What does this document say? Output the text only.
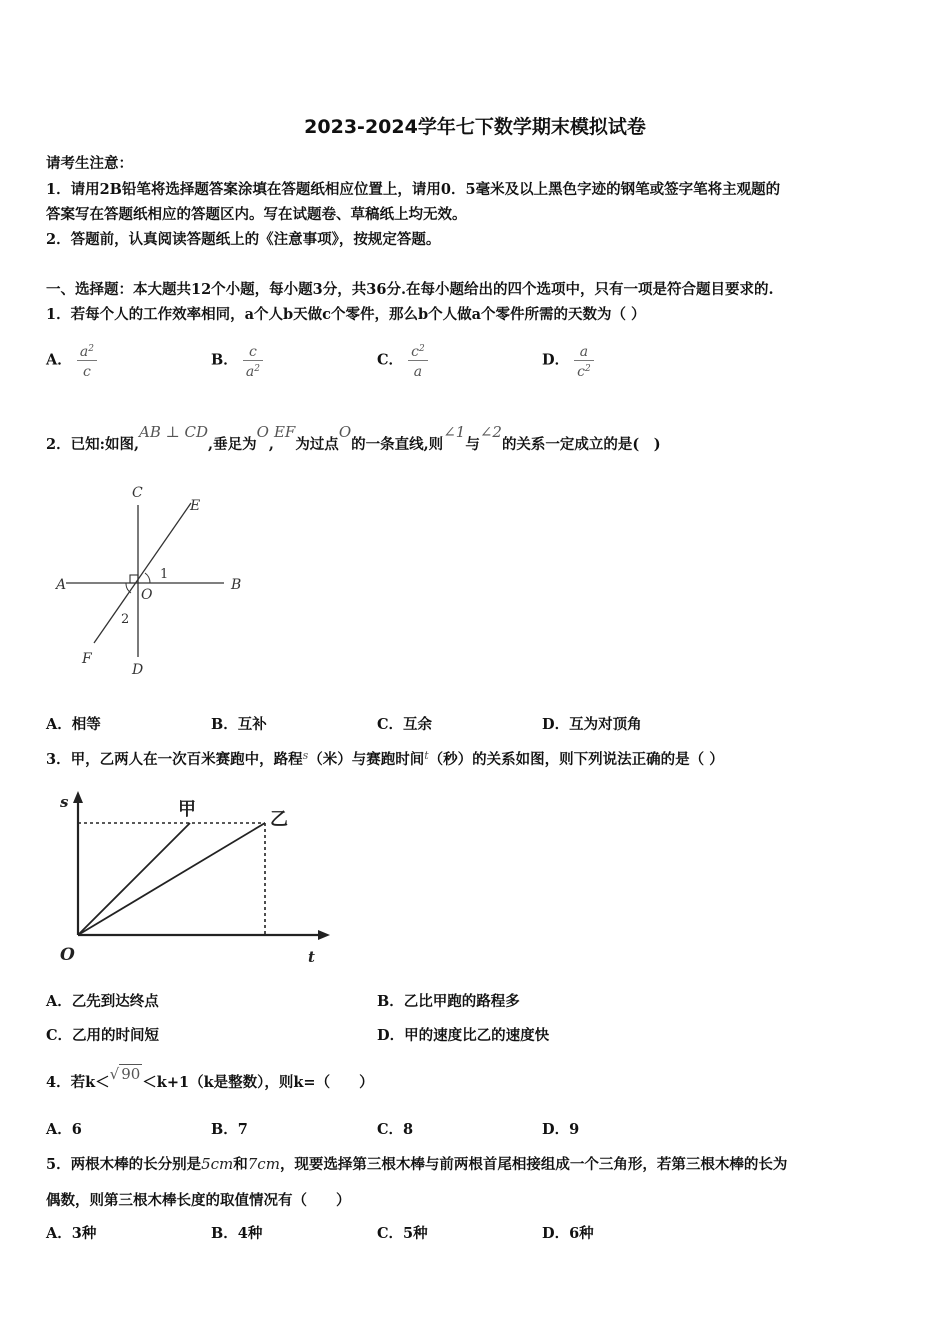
2023-2024学年七下数学期末模拟试卷
请考生注意：
1．请用2B铅笔将选择题答案涂填在答题纸相应位置上，请用0．5毫米及以上黑色字迹的钢笔或签字笔将主观题的
答案写在答题纸相应的答题区内。写在试题卷、草稿纸上均无效。
2．答题前，认真阅读答题纸上的《注意事项》，按规定答题。
一、选择题：本大题共12个小题，每小题3分，共36分.在每小题给出的四个选项中，只有一项是符合题目要求的.
1．若每个人的工作效率相同，a个人b天做c个零件，那么b个人做a个零件所需的天数为（ ）
A． $\frac{a^2}{c}$	B． $\frac{c}{a^2}$	C． $\frac{c^2}{a}$	D． $\frac{a}{c^2}$
2．已知:如图,AB ⊥ CD,垂足为O,EF为过点O的一条直线,则∠1与∠2的关系一定成立的是(　)
A	B
C
D
E
F
O
1
2
A．相等	B．互补	C．互余	D．互为对顶角
3．甲，乙两人在一次百米赛跑中，路程$^s$（米）与赛跑时间$^t$（秒）的关系如图，则下列说法正确的是（ ）
s
t
O
甲	乙
A．乙先到达终点	B．乙比甲跑的路程多
C．乙用的时间短	D．甲的速度比乙的速度快
4．若k＜√ 90 ＜k+1（k是整数），则k=（　　）
A．6	B．7	C．8	D．9
5．两根木棒的长分别是5cm和7cm，现要选择第三根木棒与前两根首尾相接组成一个三角形，若第三根木棒的长为
偶数，则第三根木棒长度的取值情况有（　　）
A．3种	B．4种	C．5种	D．6种
